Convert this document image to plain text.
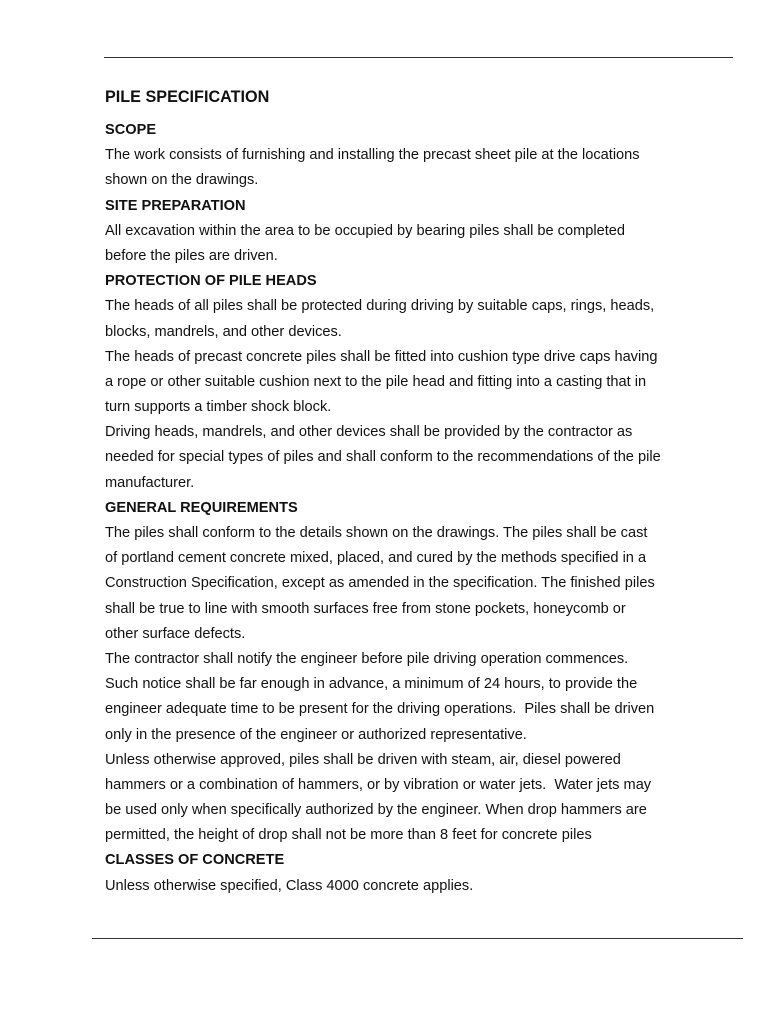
PILE SPECIFICATION
SCOPE
The work consists of furnishing and installing the precast sheet pile at the locations
shown on the drawings.
SITE PREPARATION
All excavation within the area to be occupied by bearing piles shall be completed
before the piles are driven.
PROTECTION OF PILE HEADS
The heads of all piles shall be protected during driving by suitable caps, rings, heads,
blocks, mandrels, and other devices.
The heads of precast concrete piles shall be fitted into cushion type drive caps having
a rope or other suitable cushion next to the pile head and fitting into a casting that in
turn supports a timber shock block.
Driving heads, mandrels, and other devices shall be provided by the contractor as
needed for special types of piles and shall conform to the recommendations of the pile
manufacturer.
GENERAL REQUIREMENTS
The piles shall conform to the details shown on the drawings. The piles shall be cast
of portland cement concrete mixed, placed, and cured by the methods specified in a
Construction Specification, except as amended in the specification. The finished piles
shall be true to line with smooth surfaces free from stone pockets, honeycomb or
other surface defects.
The contractor shall notify the engineer before pile driving operation commences.
Such notice shall be far enough in advance, a minimum of 24 hours, to provide the
engineer adequate time to be present for the driving operations.  Piles shall be driven
only in the presence of the engineer or authorized representative.
Unless otherwise approved, piles shall be driven with steam, air, diesel powered
hammers or a combination of hammers, or by vibration or water jets.  Water jets may
be used only when specifically authorized by the engineer. When drop hammers are
permitted, the height of drop shall not be more than 8 feet for concrete piles
CLASSES OF CONCRETE
Unless otherwise specified, Class 4000 concrete applies.
